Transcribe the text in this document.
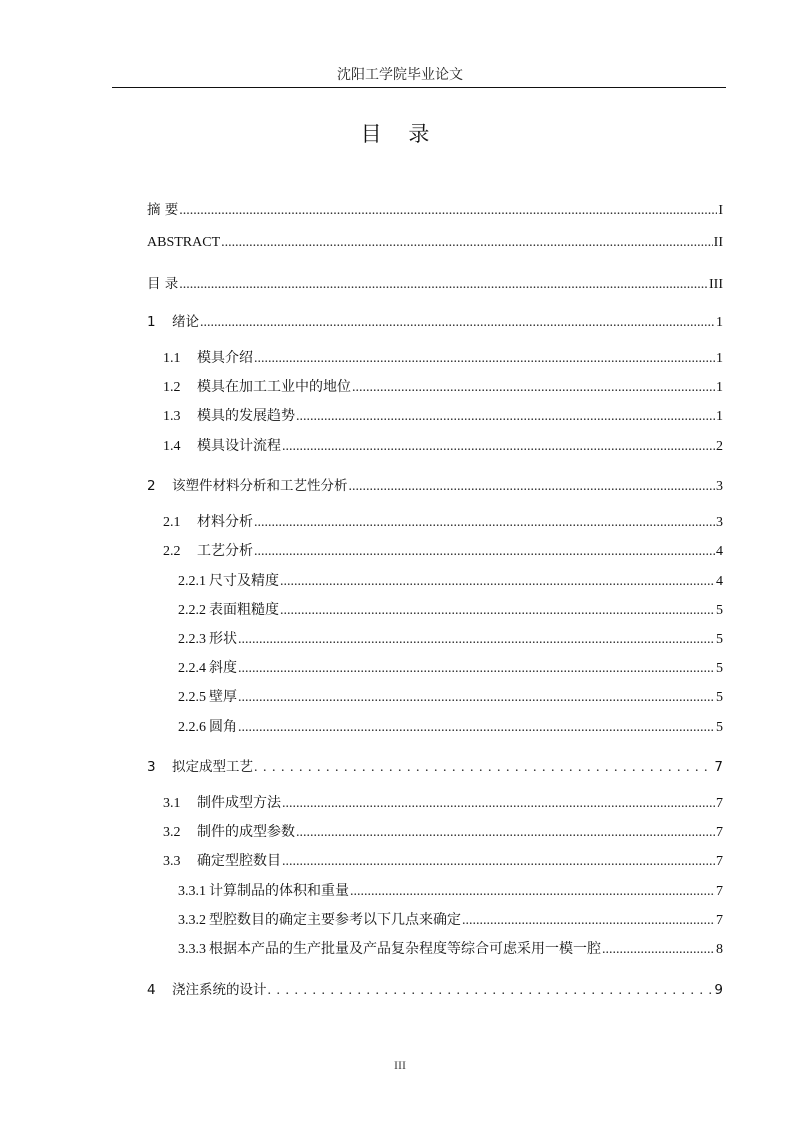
沈阳工学院毕业论文
目 录
摘 要 .....	I
ABSTRACT .....	II
目 录 .....	III
1	绪论 .....	1
1.1	模具介绍 .....	1
1.2	模具在加工工业中的地位 .....	1
1.3	模具的发展趋势 .....	1
1.4	模具设计流程 .....	2
2	该塑件材料分析和工艺性分析 .....	3
2.1	材料分析 .....	3
2.2	工艺分析 .....	4
2.2.1 尺寸及精度 .....	4
2.2.2 表面粗糙度 .....	5
2.2.3 形状 .....	5
2.2.4 斜度 .....	5
2.2.5 壁厚 .....	5
2.2.6 圆角 .....	5
3	拟定成型工艺 . . .	7
3.1	制件成型方法 .....	7
3.2	制件的成型参数 .....	7
3.3	确定型腔数目 .....	7
3.3.1 计算制品的体积和重量 .....	7
3.3.2 型腔数目的确定主要参考以下几点来确定 .....	7
3.3.3 根据本产品的生产批量及产品复杂程度等综合可虑采用一模一腔 .....	8
4	浇注系统的设计 . . .	9
III
